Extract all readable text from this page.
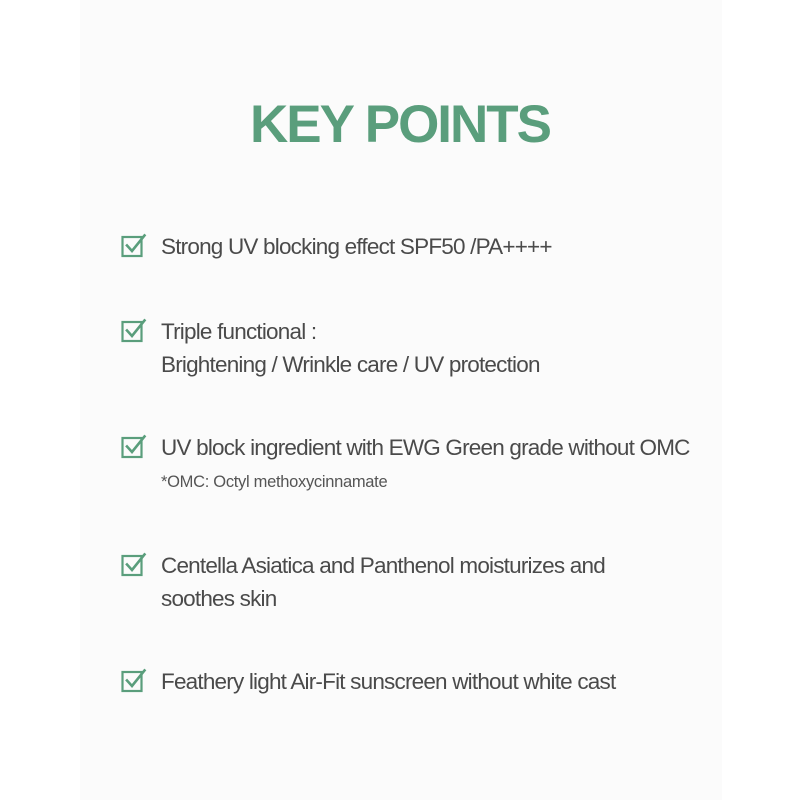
KEY POINTS
Strong UV blocking effect SPF50 /PA++++
Triple functional :
Brightening / Wrinkle care / UV protection
UV block ingredient with EWG Green grade without OMC
*OMC: Octyl methoxycinnamate
Centella Asiatica and Panthenol moisturizes and
soothes skin
Feathery light Air-Fit sunscreen without white cast
